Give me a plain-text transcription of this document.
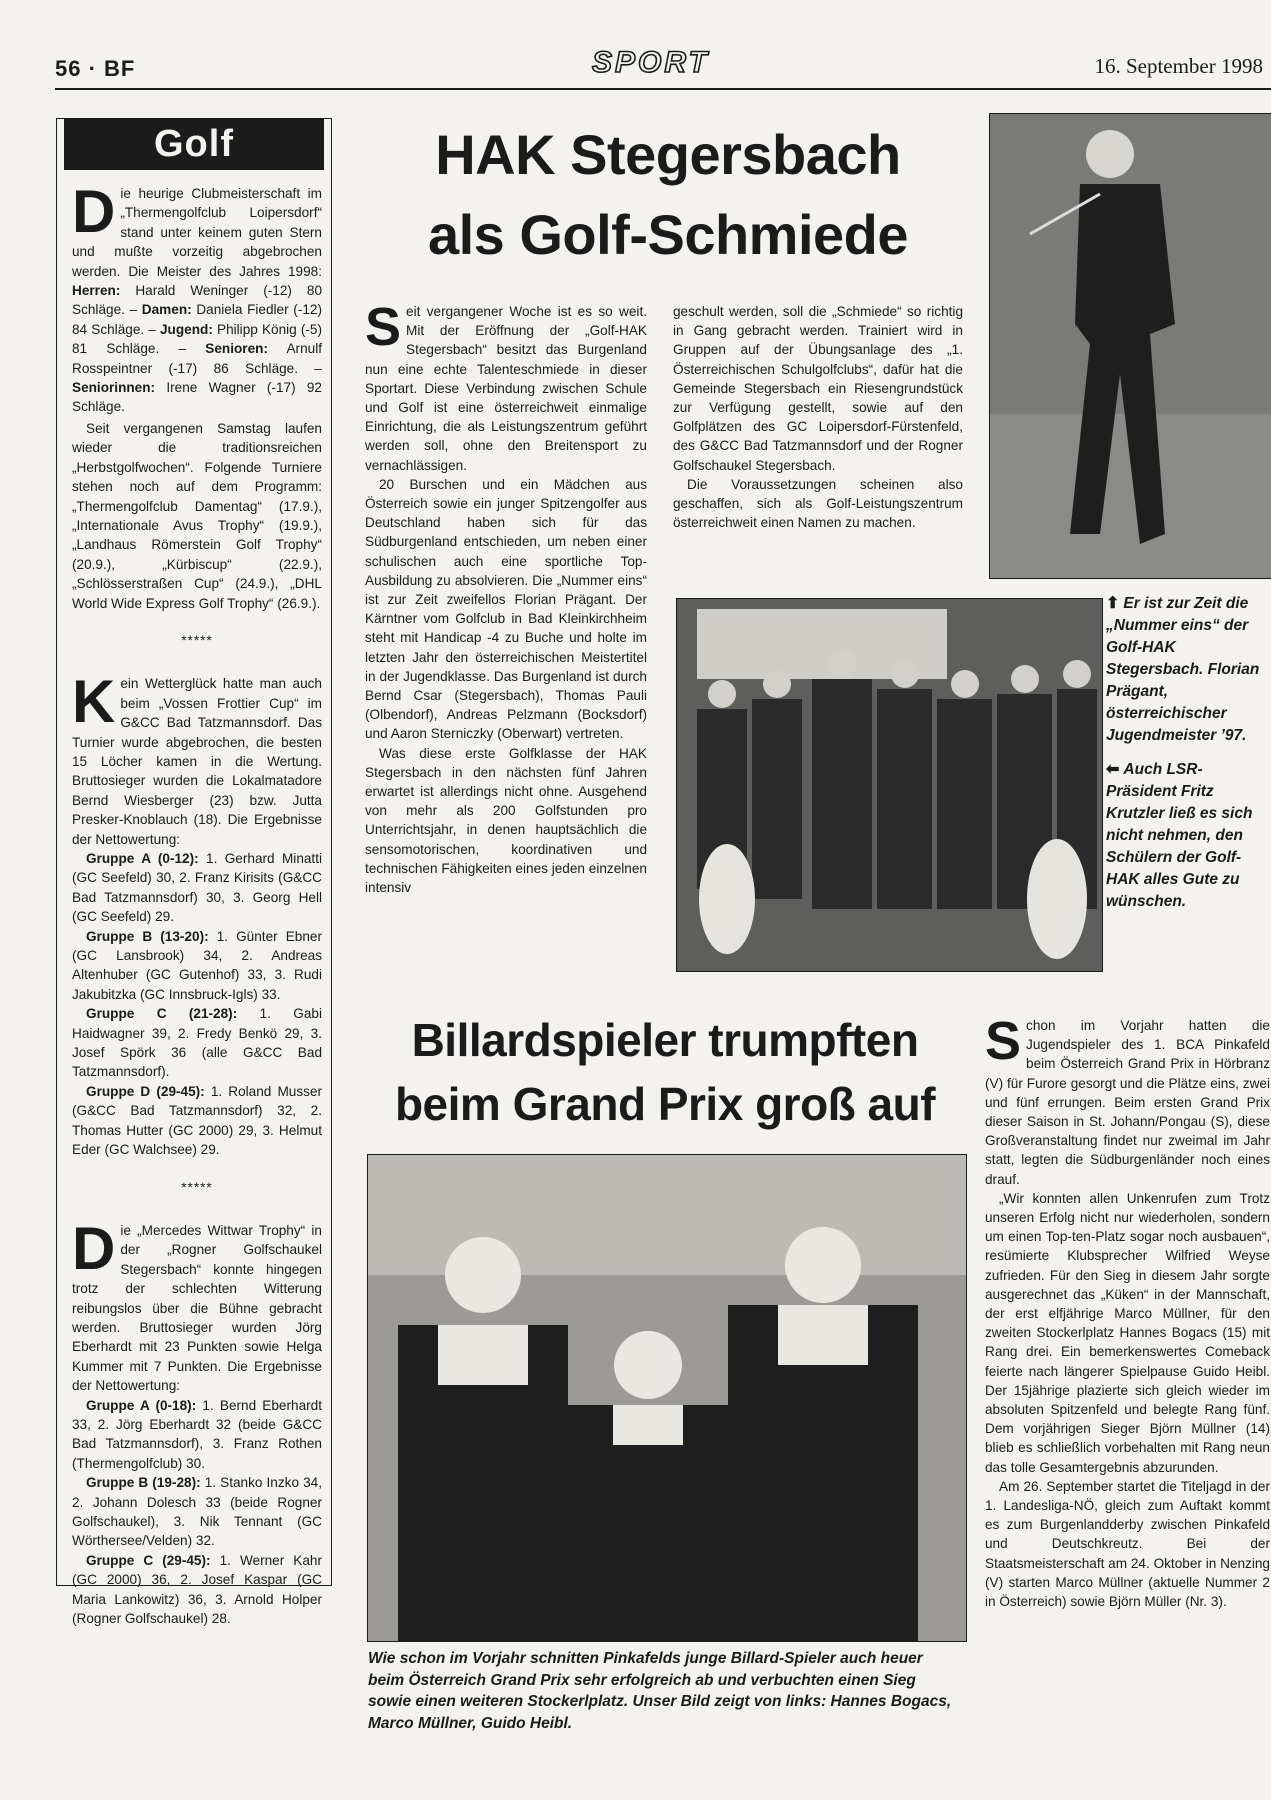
56 · BF	SPORT	16. September 1998
Golf

Die heurige Clubmeisterschaft im „Thermengolfclub Loipersdorf“ stand unter keinem guten Stern und mußte vorzeitig abgebrochen werden. Die Meister des Jahres 1998: Herren: Harald Weninger (-12) 80 Schläge. – Damen: Daniela Fiedler (-12) 84 Schläge. – Jugend: Philipp König (-5) 81 Schläge. – Senioren: Arnulf Rosspeintner (-17) 86 Schläge. – Seniorinnen: Irene Wagner (-17) 92 Schläge.

Seit vergangenen Samstag laufen wieder die traditionsreichen „Herbstgolfwochen“. Folgende Turniere stehen noch auf dem Programm: „Thermengolfclub Damentag“ (17.9.), „Internationale Avus Trophy“ (19.9.), „Landhaus Römerstein Golf Trophy“ (20.9.), „Kürbiscup“ (22.9.), „Schlösserstraßen Cup“ (24.9.), „DHL World Wide Express Golf Trophy“ (26.9.).

*****

Kein Wetterglück hatte man auch beim „Vossen Frottier Cup“ im G&CC Bad Tatzmannsdorf. Das Turnier wurde abgebrochen, die besten 15 Löcher kamen in die Wertung. Bruttosieger wurden die Lokalmatadore Bernd Wiesberger (23) bzw. Jutta Presker-Knoblauch (18). Die Ergebnisse der Nettowertung:

Gruppe A (0-12): 1. Gerhard Minatti (GC Seefeld) 30, 2. Franz Kirisits (G&CC Bad Tatzmannsdorf) 30, 3. Georg Hell (GC Seefeld) 29.

Gruppe B (13-20): 1. Günter Ebner (GC Lansbrook) 34, 2. Andreas Altenhuber (GC Gutenhof) 33, 3. Rudi Jakubitzka (GC Innsbruck-Igls) 33.

Gruppe C (21-28): 1. Gabi Haidwagner 39, 2. Fredy Benkö 29, 3. Josef Spörk 36 (alle G&CC Bad Tatzmannsdorf).

Gruppe D (29-45): 1. Roland Musser (G&CC Bad Tatzmannsdorf) 32, 2. Thomas Hutter (GC 2000) 29, 3. Helmut Eder (GC Walchsee) 29.

*****

Die „Mercedes Wittwar Trophy“ in der „Rogner Golfschaukel Stegersbach“ konnte hingegen trotz der schlechten Witterung reibungslos über die Bühne gebracht werden. Bruttosieger wurden Jörg Eberhardt mit 23 Punkten sowie Helga Kummer mit 7 Punkten. Die Ergebnisse der Nettowertung:

Gruppe A (0-18): 1. Bernd Eberhardt 33, 2. Jörg Eberhardt 32 (beide G&CC Bad Tatzmannsdorf), 3. Franz Rothen (Thermengolfclub) 30.

Gruppe B (19-28): 1. Stanko Inzko 34, 2. Johann Dolesch 33 (beide Rogner Golfschaukel), 3. Nik Tennant (GC Wörthersee/Velden) 32.

Gruppe C (29-45): 1. Werner Kahr (GC 2000) 36, 2. Josef Kaspar (GC Maria Lankowitz) 36, 3. Arnold Holper (Rogner Golfschaukel) 28.

HAK Stegersbach
als Golf-Schmiede

Seit vergangener Woche ist es so weit. Mit der Eröffnung der „Golf-HAK Stegersbach“ besitzt das Burgenland nun eine echte Talenteschmiede in dieser Sportart. Diese Verbindung zwischen Schule und Golf ist eine österreichweit einmalige Einrichtung, die als Leistungszentrum geführt werden soll, ohne den Breitensport zu vernachlässigen.

20 Burschen und ein Mädchen aus Österreich sowie ein junger Spitzengolfer aus Deutschland haben sich für das Südburgenland entschieden, um neben einer schulischen auch eine sportliche Top-Ausbildung zu absolvieren. Die „Nummer eins“ ist zur Zeit zweifellos Florian Prägant. Der Kärntner vom Golfclub in Bad Kleinkirchheim steht mit Handicap -4 zu Buche und holte im letzten Jahr den österreichischen Meistertitel in der Jugendklasse. Das Burgenland ist durch Bernd Csar (Stegersbach), Thomas Pauli (Olbendorf), Andreas Pelzmann (Bocksdorf) und Aaron Sterniczky (Oberwart) vertreten.

Was diese erste Golfklasse der HAK Stegersbach in den nächsten fünf Jahren erwartet ist allerdings nicht ohne. Ausgehend von mehr als 200 Golfstunden pro Unterrichtsjahr, in denen hauptsächlich die sensomotorischen, koordinativen und technischen Fähigkeiten eines jeden einzelnen intensiv

geschult werden, soll die „Schmiede“ so richtig in Gang gebracht werden. Trainiert wird in Gruppen auf der Übungsanlage des „1. Österreichischen Schulgolfclubs“, dafür hat die Gemeinde Stegersbach ein Riesengrundstück zur Verfügung gestellt, sowie auf den Golfplätzen des GC Loipersdorf-Fürstenfeld, des G&CC Bad Tatzmannsdorf und der Rogner Golfschaukel Stegersbach.

Die Voraussetzungen scheinen also geschaffen, sich als Golf-Leistungszentrum österreichweit einen Namen zu machen.

⬆ Er ist zur Zeit die „Nummer eins“ der Golf-HAK Stegersbach. Florian Prägant, österreichischer Jugendmeister ’97.

⬅ Auch LSR-Präsident Fritz Krutzler ließ es sich nicht nehmen, den Schülern der Golf-HAK alles Gute zu wünschen.

Billardspieler trumpften
beim Grand Prix groß auf
Wie schon im Vorjahr schnitten Pinkafelds junge Billard-Spieler auch heuer beim Österreich Grand Prix sehr erfolgreich ab und verbuchten einen Sieg sowie einen weiteren Stockerlplatz. Unser Bild zeigt von links: Hannes Bogacs, Marco Müllner, Guido Heibl.

Schon im Vorjahr hatten die Jugendspieler des 1. BCA Pinkafeld beim Österreich Grand Prix in Hörbranz (V) für Furore gesorgt und die Plätze eins, zwei und fünf errungen. Beim ersten Grand Prix dieser Saison in St. Johann/Pongau (S), diese Großveranstaltung findet nur zweimal im Jahr statt, legten die Südburgenländer noch eines drauf.

„Wir konnten allen Unkenrufen zum Trotz unseren Erfolg nicht nur wiederholen, sondern um einen Top-ten-Platz sogar noch ausbauen“, resümierte Klubsprecher Wilfried Weyse zufrieden. Für den Sieg in diesem Jahr sorgte ausgerechnet das „Küken“ in der Mannschaft, der erst elfjährige Marco Müllner, für den zweiten Stockerlplatz Hannes Bogacs (15) mit Rang drei. Ein bemerkenswertes Comeback feierte nach längerer Spielpause Guido Heibl. Der 15jährige plazierte sich gleich wieder im absoluten Spitzenfeld und belegte Rang fünf. Dem vorjährigen Sieger Björn Müllner (14) blieb es schließlich vorbehalten mit Rang neun das tolle Gesamtergebnis abzurunden.

Am 26. September startet die Titeljagd in der 1. Landesliga-NÖ, gleich zum Auftakt kommt es zum Burgenlandderby zwischen Pinkafeld und Deutschkreutz. Bei der Staatsmeisterschaft am 24. Oktober in Nenzing (V) starten Marco Müllner (aktuelle Nummer 2 in Österreich) sowie Björn Müller (Nr. 3).
